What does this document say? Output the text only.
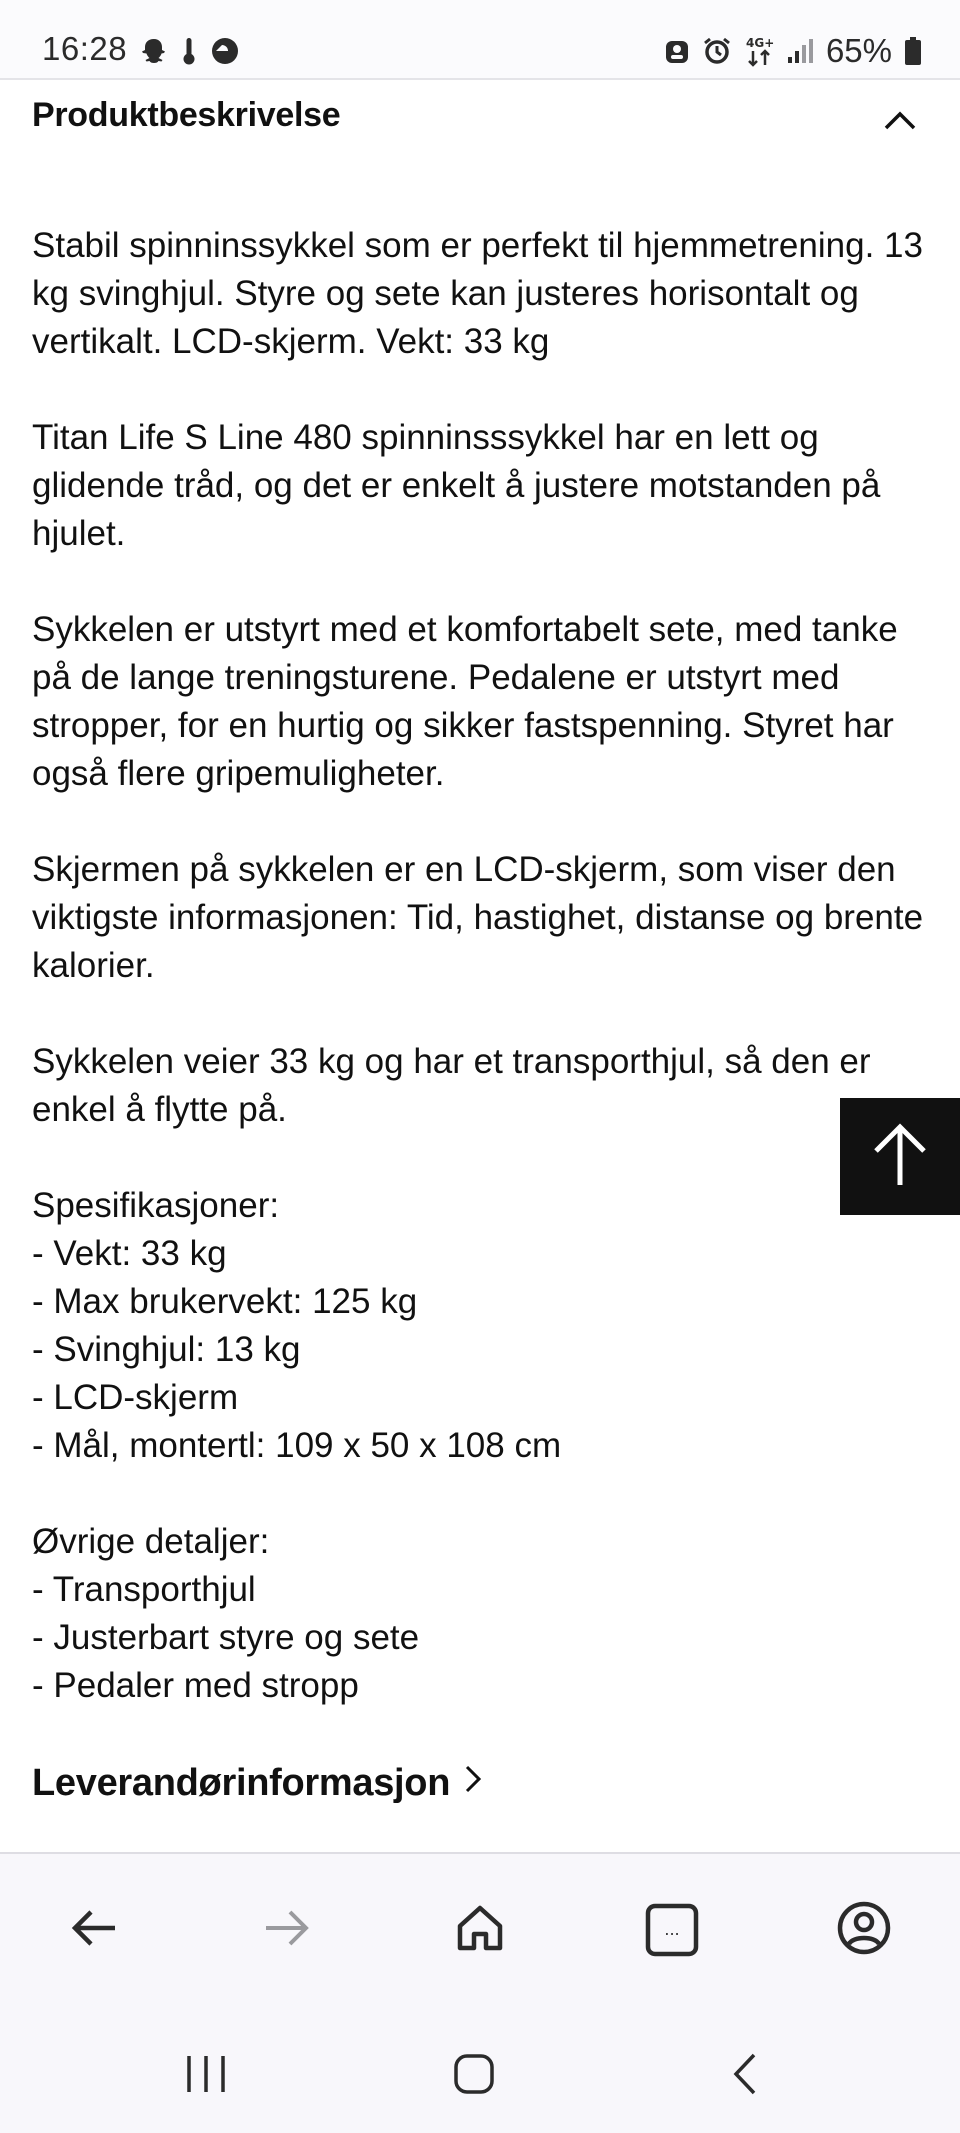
16:28	4G+ 65%
Produktbeskrivelse

Stabil spinninssykkel som er perfekt til hjemmetrening. 13 kg svinghjul. Styre og sete kan justeres horisontalt og vertikalt. LCD-skjerm. Vekt: 33 kg

Titan Life S Line 480 spinninsssykkel har en lett og glidende tråd, og det er enkelt å justere motstanden på hjulet.

Sykkelen er utstyrt med et komfortabelt sete, med tanke på de lange treningsturene. Pedalene er utstyrt med stropper, for en hurtig og sikker fastspenning. Styret har også flere gripemuligheter.

Skjermen på sykkelen er en LCD-skjerm, som viser den viktigste informasjonen: Tid, hastighet, distanse og brente kalorier.

Sykkelen veier 33 kg og har et transporthjul, så den er enkel å flytte på.

Spesifikasjoner:
- Vekt: 33 kg
- Max brukervekt: 125 kg
- Svinghjul: 13 kg
- LCD-skjerm
- Mål, montertl: 109 x 50 x 108 cm
Øvrige detaljer:
- Transporthjul
- Justerbart styre og sete
- Pedaler med stropp
Leverandørinformasjon
...
